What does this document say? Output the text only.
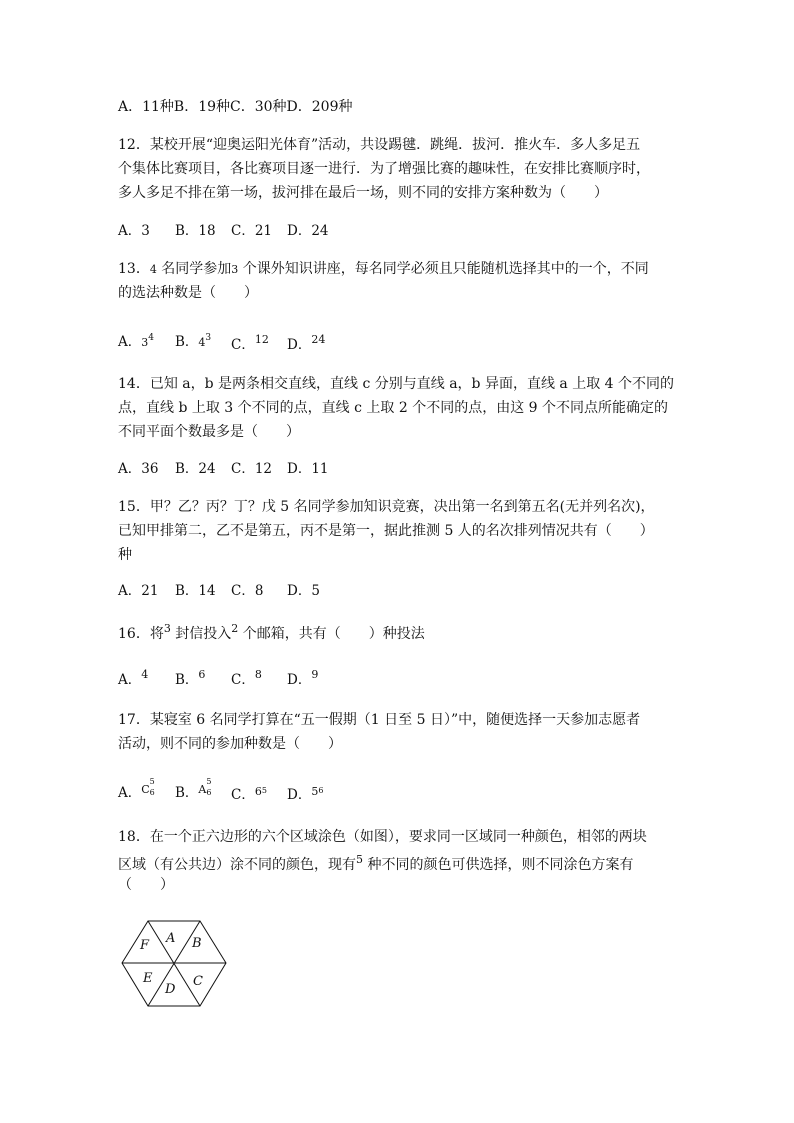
A．11种B．19种C．30种D．209种
12．某校开展“迎奥运阳光体育”活动，共设踢毽．跳绳．拔河．推火车．多人多足五
个集体比赛项目，各比赛项目逐一进行．为了增强比赛的趣味性，在安排比赛顺序时，
多人多足不排在第一场，拔河排在最后一场，则不同的安排方案种数为（　　）
A．3 B．18 C．21 D．24
13．4 名同学参加3 个课外知识讲座，每名同学必须且只能随机选择其中的一个，不同
的选法种数是（　　）
A．$3^4$ B．$4^3$ C．$^{12}$ D．$^{24}$
14．已知 a，b 是两条相交直线，直线 c 分别与直线 a，b 异面，直线 a 上取 4 个不同的
点，直线 b 上取 3 个不同的点，直线 c 上取 2 个不同的点，由这 9 个不同点所能确定的
不同平面个数最多是（　　）
A．36 B．24 C．12 D．11
15．甲？乙？丙？丁？戊 5 名同学参加知识竞赛，决出第一名到第五名(无并列名次)，
已知甲排第二，乙不是第五，丙不是第一，据此推测 5 人的名次排列情况共有（　　）
种
A．21 B．14 C．8 D．5
16．将$^3$ 封信投入$^2$ 个邮箱，共有（　　）种投法
A．$^4$ B．$^6$ C．$^8$ D．$^9$
17．某寝室 6 名同学打算在“五一假期（1 日至 5 日）”中，随便选择一天参加志愿者
活动，则不同的参加种数是（　　）
A．$^C$
5
6 B．$^A$
5
6 C．$^{65}$ D．$^{56}$
18．在一个正六边形的六个区域涂色（如图），要求同一区域同一种颜色，相邻的两块
区域（有公共边）涂不同的颜色，现有$^5$ 种不同的颜色可供选择，则不同涂色方案有
（　　）
A B
C
D
E
F
